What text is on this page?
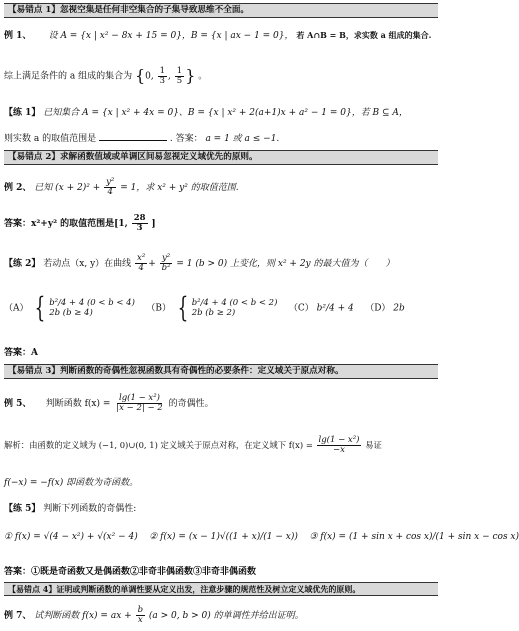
【易错点 1】忽视空集是任何非空集合的子集导致思维不全面。
例 1、 设 A = {x | x² − 8x + 15 = 0}，B = {x | ax − 1 = 0}， 若 A∩B = B，求实数 a 组成的集合.
综上满足条件的 a 组成的集合为 {0, $\frac{1}{3}$ , $\frac{1}{5}$ } 。
【练 1】 已知集合 A = {x | x² + 4x = 0}、B = {x | x² + 2(a+1)x + a² − 1 = 0}，若 B ⊆ A，
则实数 a 的取值范围是	. 答案： a = 1 或 a ≤ −1.
【易错点 2】求解函数值域或单调区间易忽视定义域优先的原则。
例 2、 已知 $(x + 2)^2 + \frac{\text{y²}}{4} = 1$，求 x² + y² 的取值范围.
答案：x²+y² 的取值范围是[1, $\frac{28}{3}$ ]
【练 2】 若动点（x, y）在曲线 $\frac{\text{x²}}{4} + \frac{\text{y²}}{\text{b²}} = 1$ (b > 0) 上变化，则 x² + 2y 的最大值为（　　）
（A） { b²/4 + 4 (0 < b < 4)
2b (b ≥ 4)	（B） { b²/4 + 4 (0 < b < 2)
2b (b ≥ 2)	（C） b²/4 + 4 （D） 2b
答案：A
【易错点 3】判断函数的奇偶性忽视函数具有奇偶性的必要条件：定义域关于原点对称。
例 5、 判断函数 $f(x) = \frac{\text{lg(1 − x²)}}{|x - 2| - 2}$ 的奇偶性。
解析：由函数的定义域为 (−1, 0)∪(0, 1) 定义域关于原点对称，在定义域下 $f(x) = \frac{\text{lg(1 − x²)}}{-x}$ 易证
f(−x) = −f(x) 即函数为奇函数。
【练 5】 判断下列函数的奇偶性:
① f(x) = √(4 − x²) + √(x² − 4) ② f(x) = (x − 1)√((1 + x)/(1 − x)) ③ f(x) = (1 + sin x + cos x)/(1 + sin x − cos x)
答案：①既是奇函数又是偶函数②非奇非偶函数③非奇非偶函数
【易错点 4】证明或判断函数的单调性要从定义出发，注意步骤的规范性及树立定义域优先的原则。
例 7、 试判断函数 f(x) = ax + $\frac{b}{x} (a > 0$, b > 0) 的单调性并给出证明。
